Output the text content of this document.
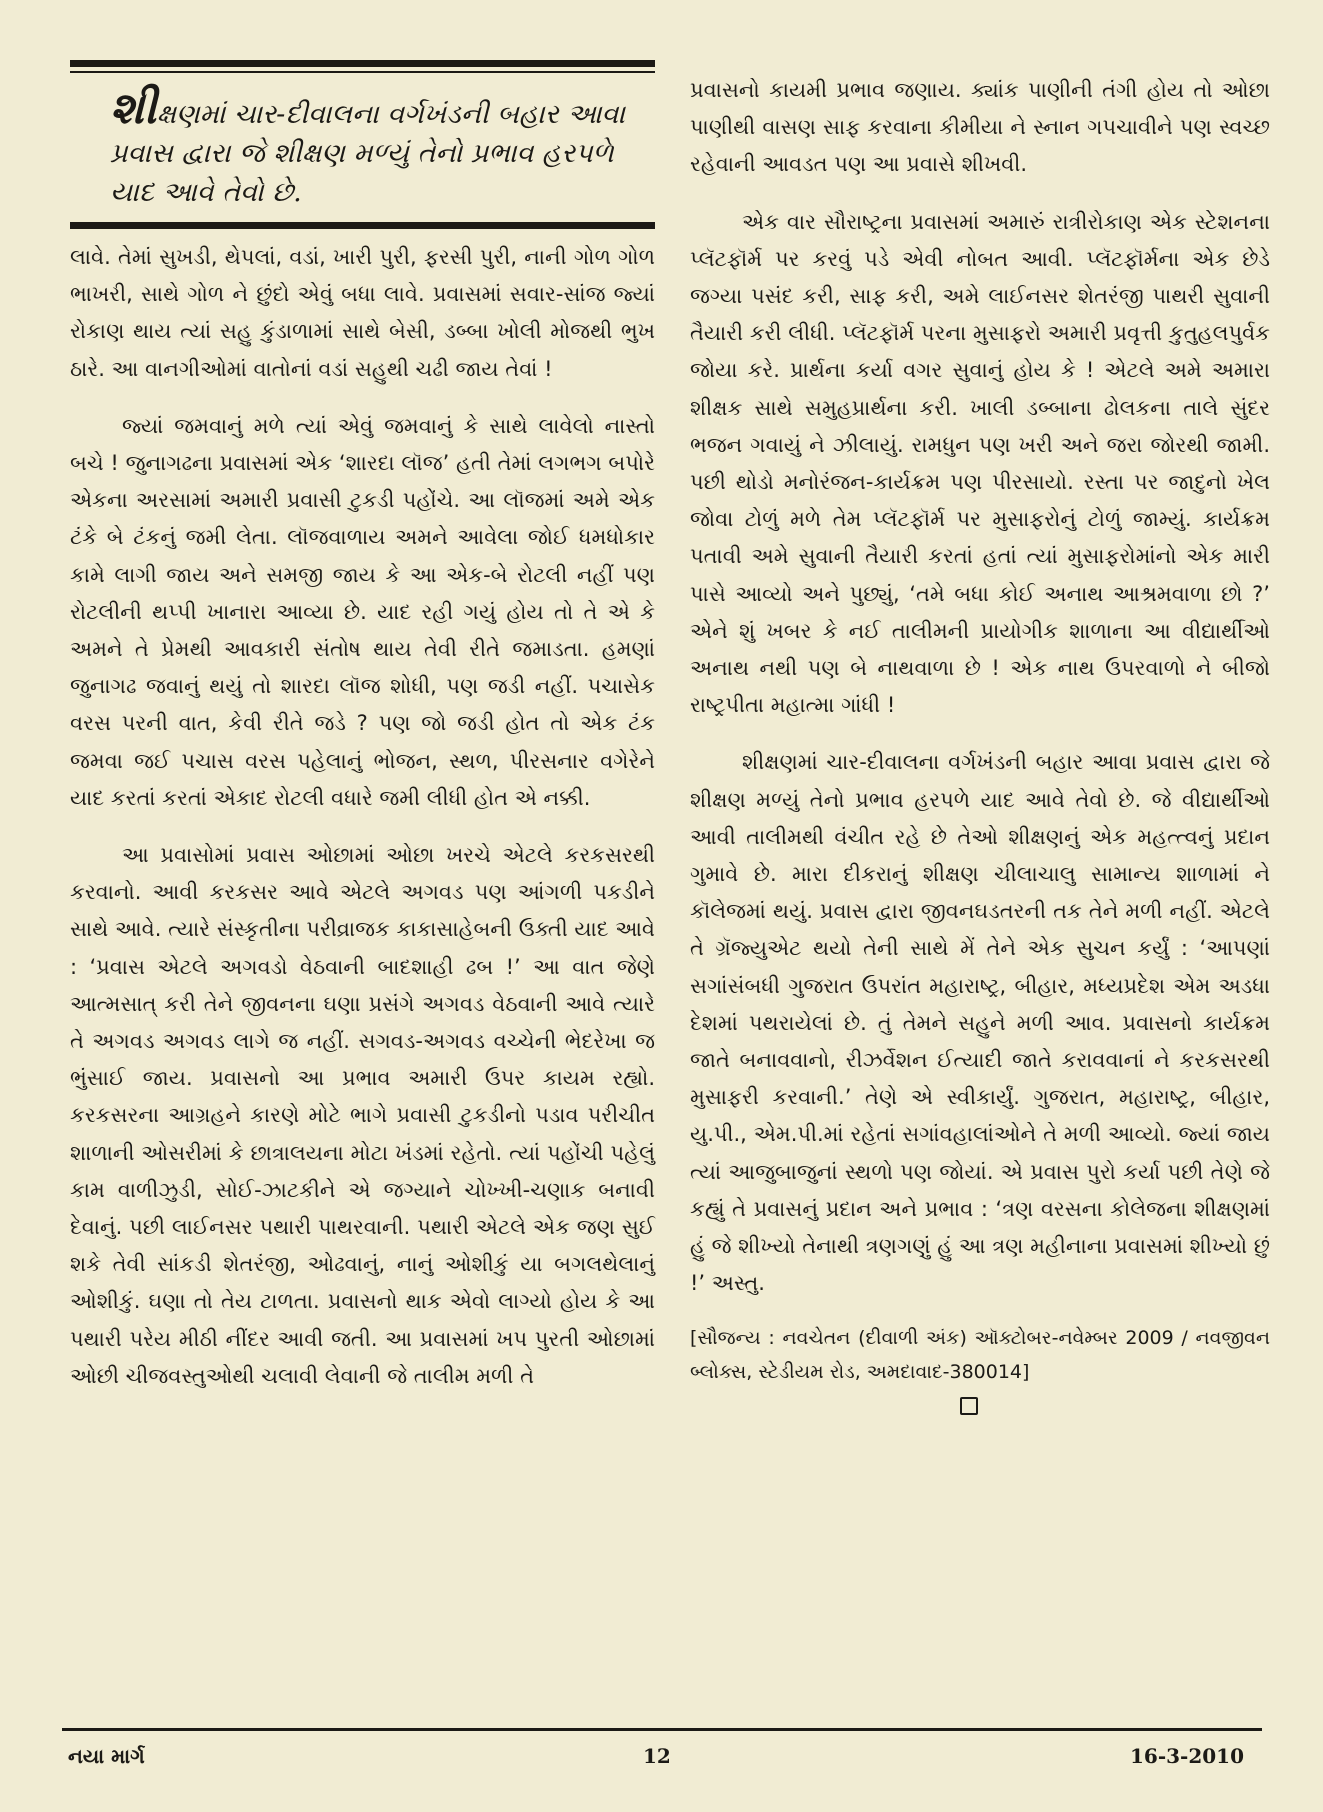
શીક્ષણમાં ચાર-દીવાલના વર્ગખંડની બહાર આવા પ્રવાસ દ્વારા જે શીક્ષણ મળ્યું તેનો પ્રભાવ હરપળે યાદ આવે તેવો છે.

લાવે. તેમાં સુખડી, થેપલાં, વડાં, ખારી પુરી, ફરસી પુરી, નાની ગોળ ગોળ ભાખરી, સાથે ગોળ ને છુંદો એવું બધા લાવે. પ્રવાસમાં સવાર-સાંજ જ્યાં રોકાણ થાય ત્યાં સહુ કુંડાળામાં સાથે બેસી, ડબ્બા ખોલી મોજથી ભુખ ઠારે. આ વાનગીઓમાં વાતોનાં વડાં સહુથી ચઢી જાય તેવાં !

જ્યાં જમવાનું મળે ત્યાં એવું જમવાનું કે સાથે લાવેલો નાસ્તો બચે ! જુનાગઢના પ્રવાસમાં એક ‘શારદા લૉજ’ હતી તેમાં લગભગ બપોરે એકના અરસામાં અમારી પ્રવાસી ટુકડી પહોંચે. આ લૉજમાં અમે એક ટંકે બે ટંકનું જમી લેતા. લૉજવાળાય અમને આવેલા જોઈ ધમધોકાર કામે લાગી જાય અને સમજી જાય કે આ એક-બે રોટલી નહીં પણ રોટલીની થપ્પી ખાનારા આવ્યા છે. યાદ રહી ગયું હોય તો તે એ કે અમને તે પ્રેમથી આવકારી સંતોષ થાય તેવી રીતે જમાડતા. હમણાં જુનાગઢ જવાનું થયું તો શારદા લૉજ શોધી, પણ જડી નહીં. પચાસેક વરસ પરની વાત, કેવી રીતે જડે ? પણ જો જડી હોત તો એક ટંક જમવા જઈ પચાસ વરસ પહેલાનું ભોજન, સ્થળ, પીરસનાર વગેરેને યાદ કરતાં કરતાં એકાદ રોટલી વધારે જમી લીધી હોત એ નક્કી.

આ પ્રવાસોમાં પ્રવાસ ઓછામાં ઓછા ખરચે એટલે કરકસરથી કરવાનો. આવી કરકસર આવે એટલે અગવડ પણ આંગળી પકડીને સાથે આવે. ત્યારે સંસ્કૃતીના પરીવ્રાજક કાકાસાહેબની ઉક્તી યાદ આવે : ‘પ્રવાસ એટલે અગવડો વેઠવાની બાદશાહી ઢબ !’ આ વાત જેણે આત્મસાત્ કરી તેને જીવનના ઘણા પ્રસંગે અગવડ વેઠવાની આવે ત્યારે તે અગવડ અગવડ લાગે જ નહીં. સગવડ-અગવડ વચ્ચેની ભેદરેખા જ ભુંસાઈ જાય. પ્રવાસનો આ પ્રભાવ અમારી ઉપર કાયમ રહ્યો. કરકસરના આગ્રહને કારણે મોટે ભાગે પ્રવાસી ટુકડીનો પડાવ પરીચીત શાળાની ઓસરીમાં કે છાત્રાલયના મોટા ખંડમાં રહેતો. ત્યાં પહોંચી પહેલું કામ વાળીઝુડી, સોઈ-ઝાટકીને એ જગ્યાને ચોખ્ખી-ચણાક બનાવી દેવાનું. પછી લાઈનસર પથારી પાથરવાની. પથારી એટલે એક જણ સુઈ શકે તેવી સાંકડી શેતરંજી, ઓઢવાનું, નાનું ઓશીકું યા બગલથેલાનું ઓશીકું. ઘણા તો તેય ટાળતા. પ્રવાસનો થાક એવો લાગ્યો હોય કે આ પથારી પરેય મીઠી નીંદર આવી જતી. આ પ્રવાસમાં ખપ પુરતી ઓછામાં ઓછી ચીજવસ્તુઓથી ચલાવી લેવાની જે તાલીમ મળી તે

પ્રવાસનો કાયમી પ્રભાવ જણાય. ક્યાંક પાણીની તંગી હોય તો ઓછા પાણીથી વાસણ સાફ કરવાના કીમીયા ને સ્નાન ગપચાવીને પણ સ્વચ્છ રહેવાની આવડત પણ આ પ્રવાસે શીખવી.

એક વાર સૌરાષ્ટ્રના પ્રવાસમાં અમારું રાત્રીરોકાણ એક સ્ટેશનના પ્લૅટફૉર્મ પર કરવું પડે એવી નોબત આવી. પ્લૅટફૉર્મના એક છેડે જગ્યા પસંદ કરી, સાફ કરી, અમે લાઈનસર શેતરંજી પાથરી સુવાની તૈયારી કરી લીધી. પ્લૅટફૉર્મ પરના મુસાફરો અમારી પ્રવૃત્તી કુતુહલપુર્વક જોયા કરે. પ્રાર્થના કર્યા વગર સુવાનું હોય કે ! એટલે અમે અમારા શીક્ષક સાથે સમુહપ્રાર્થના કરી. ખાલી ડબ્બાના ઢોલકના તાલે સુંદર ભજન ગવાયું ને ઝીલાયું. રામધુન પણ ખરી અને જરા જોરથી જામી. પછી થોડો મનોરંજન-કાર્યક્રમ પણ પીરસાયો. રસ્તા પર જાદુનો ખેલ જોવા ટોળું મળે તેમ પ્લૅટફૉર્મ પર મુસાફરોનું ટોળું જામ્યું. કાર્યક્રમ પતાવી અમે સુવાની તૈયારી કરતાં હતાં ત્યાં મુસાફરોમાંનો એક મારી પાસે આવ્યો અને પુછ્યું, ‘તમે બધા કોઈ અનાથ આશ્રમવાળા છો ?’ એને શું ખબર કે નઈ તાલીમની પ્રાયોગીક શાળાના આ વીદ્યાર્થીઓ અનાથ નથી પણ બે નાથવાળા છે ! એક નાથ ઉપરવાળો ને બીજો રાષ્ટ્રપીતા મહાત્મા ગાંધી !

શીક્ષણમાં ચાર-દીવાલના વર્ગખંડની બહાર આવા પ્રવાસ દ્વારા જે શીક્ષણ મળ્યું તેનો પ્રભાવ હરપળે યાદ આવે તેવો છે. જે વીદ્યાર્થીઓ આવી તાલીમથી વંચીત રહે છે તેઓ શીક્ષણનું એક મહત્ત્વનું પ્રદાન ગુમાવે છે. મારા દીકરાનું શીક્ષણ ચીલાચાલુ સામાન્ય શાળામાં ને કૉલેજમાં થયું. પ્રવાસ દ્વારા જીવનઘડતરની તક તેને મળી નહીં. એટલે તે ગ્રૅજ્યુએટ થયો તેની સાથે મેં તેને એક સુચન કર્યું : ‘આપણાં સગાંસંબધી ગુજરાત ઉપરાંત મહારાષ્ટ્ર, બીહાર, મધ્યપ્રદેશ એમ અડધા દેશમાં પથરાયેલાં છે. તું તેમને સહુને મળી આવ. પ્રવાસનો કાર્યક્રમ જાતે બનાવવાનો, રીઝર્વેશન ઈત્યાદી જાતે કરાવવાનાં ને કરકસરથી મુસાફરી કરવાની.’ તેણે એ સ્વીકાર્યું. ગુજરાત, મહારાષ્ટ્ર, બીહાર, યુ.પી., એમ.પી.માં રહેતાં સગાંવહાલાંઓને તે મળી આવ્યો. જ્યાં જાય ત્યાં આજુબાજુનાં સ્થળો પણ જોયાં. એ પ્રવાસ પુરો કર્યા પછી તેણે જે કહ્યું તે પ્રવાસનું પ્રદાન અને પ્રભાવ : ‘ત્રણ વરસના કોલેજના શીક્ષણમાં હું જે શીખ્યો તેનાથી ત્રણગણું હું આ ત્રણ મહીનાના પ્રવાસમાં શીખ્યો છું !’ અસ્તુ.

[સૌજન્ય : નવચેતન (દીવાળી અંક) ઑક્ટોબર-નવેમ્બર 2009 / નવજીવન બ્લોક્સ, સ્ટેડીયમ રોડ, અમદાવાદ-380014]

નયા માર્ગ	12	16-3-2010
